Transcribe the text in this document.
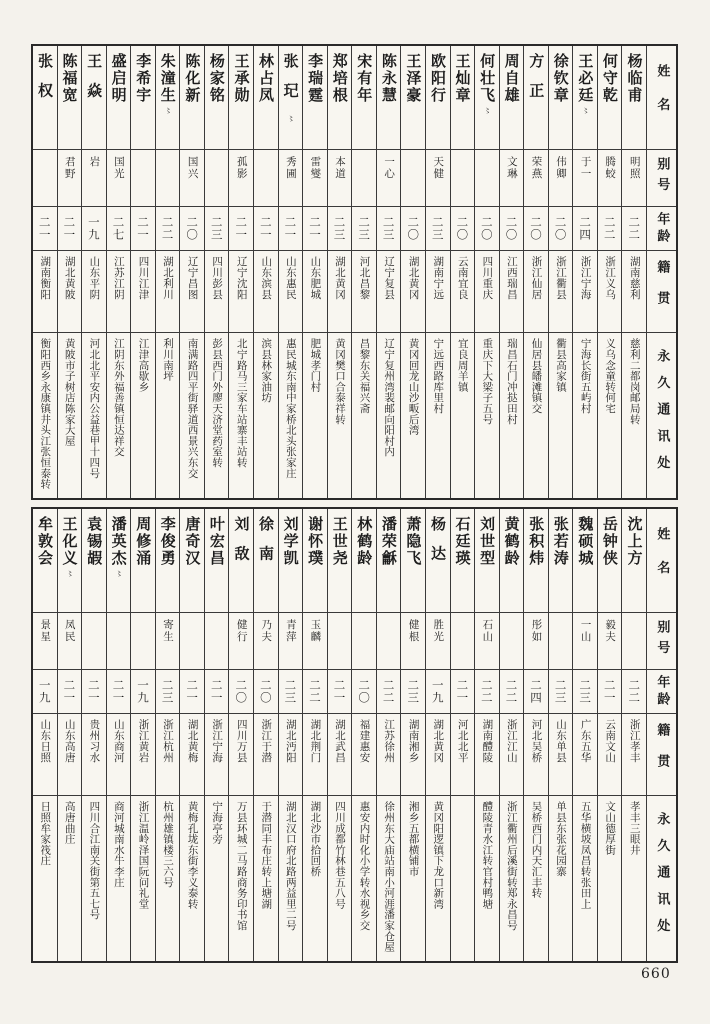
姓名
别号
年龄
籍贯
永久通讯处
杨临甫
明照
二二
湖南慈利
慈利二都岗邮局转
何守乾
腾蛟
二二
浙江义乌
义乌念童转何宅
王必廷
〻
于一
二四
浙江宁海
宁海长街五屿村
徐钦章
伟卿
二〇
浙江衢县
衢县高家镇
方正
荣燕
二〇
浙江仙居
仙居县皤滩镇交
周自雄
文琳
二〇
江西瑞昌
瑞昌石门冲挞田村
何壮飞
〻
二〇
四川重庆
重庆下大梁子五号
王灿章
二〇
云南宜良
宜良周羊镇
欧阳行
天健
二三
湖南宁远
宁远西路库里村
王泽豪
二〇
湖北黄冈
黄冈回龙山沙畈后湾
陈永慧
一心
二三
辽宁复县
辽宁复州湾裴邮向阳村内
宋有年
二三
河北昌黎
昌黎东关福兴斋
郑培根
本道
二三
湖北黄冈
黄冈樊口合泰祥转
李瑞霆
雷燮
二一
山东肥城
肥城孝门村
张玘
〻
秀圃
二一
山东惠民
惠民城东南中家桥北头张家庄
林占凤
二一
山东滨县
滨县林家油坊
王承勋
孤影
二一
辽宁沈阳
北宁路马三家车站寨丰站转
杨家铭
二三
四川彭县
彭县西门外廖天济堂药室转
陈化新
国兴
二〇
辽宁昌图
南满路四平街驿道西景兴东交
朱潼生
〻
二二
湖北利川
利川南坪
李希宇
二一
四川江津
江津高歇乡
盛启明
国光
二七
江苏江阴
江阴东外福善镇恒达祥交
王焱
岩
一九
山东平阴
河北北平安内公益巷甲十四号
陈福宽
君野
二一
湖北黄陂
黄陂市子树店陈家大屋
张权
二一
湖南衡阳
衡阳西乡永康镇井头江张恒泰转
姓名
别号
年龄
籍贯
永久通讯处
沈上方
二二
浙江孝丰
孝丰三眼井
岳钟侠
毅夫
二一
云南文山
文山德厚街
魏硕城
一山
二三
广东五华
五华横坡凤昌转张田上
张若涛
二三
山东单县
单县东张花园寨
张积炜
彤如
二四
河北吴桥
吴桥西门内天汇丰转
黄鹤龄
二二
浙江江山
浙江衢州后溪街转郑永昌号
刘世型
石山
二二
湖南醴陵
醴陵青水江转官村鸭塘
石廷瑛
二一
河北北平
杨达
胜光
一九
湖北黄冈
黄冈阳逻镇下龙口新湾
萧隐飞
健根
二三
湖南湘乡
湘乡五都横铺市
潘荣龢
二二
江苏徐州
徐州东大庙站南小河涯潘家仓屋
林鹤龄
二〇
福建惠安
惠安内时化小学转水视乡交
王世尧
二一
湖北武昌
四川成都竹林巷五八号
谢怀璞
玉麟
二二
湖北荆门
湖北沙市拾回桥
刘学凯
青萍
二三
湖北沔阳
湖北汉口府北路两益里二号
徐南
乃夫
二〇
浙江于潜
于潜同丰布庄转上塘湖
刘敌
健行
二〇
四川万县
万县环城二马路商务印书馆
叶宏昌
二一
浙江宁海
宁海亭旁
唐奇汉
二一
湖北黄梅
黄梅孔垅东街李义泰转
李俊勇
寄生
二三
浙江杭州
杭州雄镇楼三六号
周修涌
一九
浙江黄岩
浙江温岭泽国阮问礼堂
潘英杰
〻
二一
山东商河
商河城南水牛李庄
袁锡嘏
二一
贵州习水
四川合江南关街第五七号
王化义
〻
凤民
二一
山东高唐
高唐曲庄
牟敦会
景星
一九
山东日照
日照牟家筏庄
660
